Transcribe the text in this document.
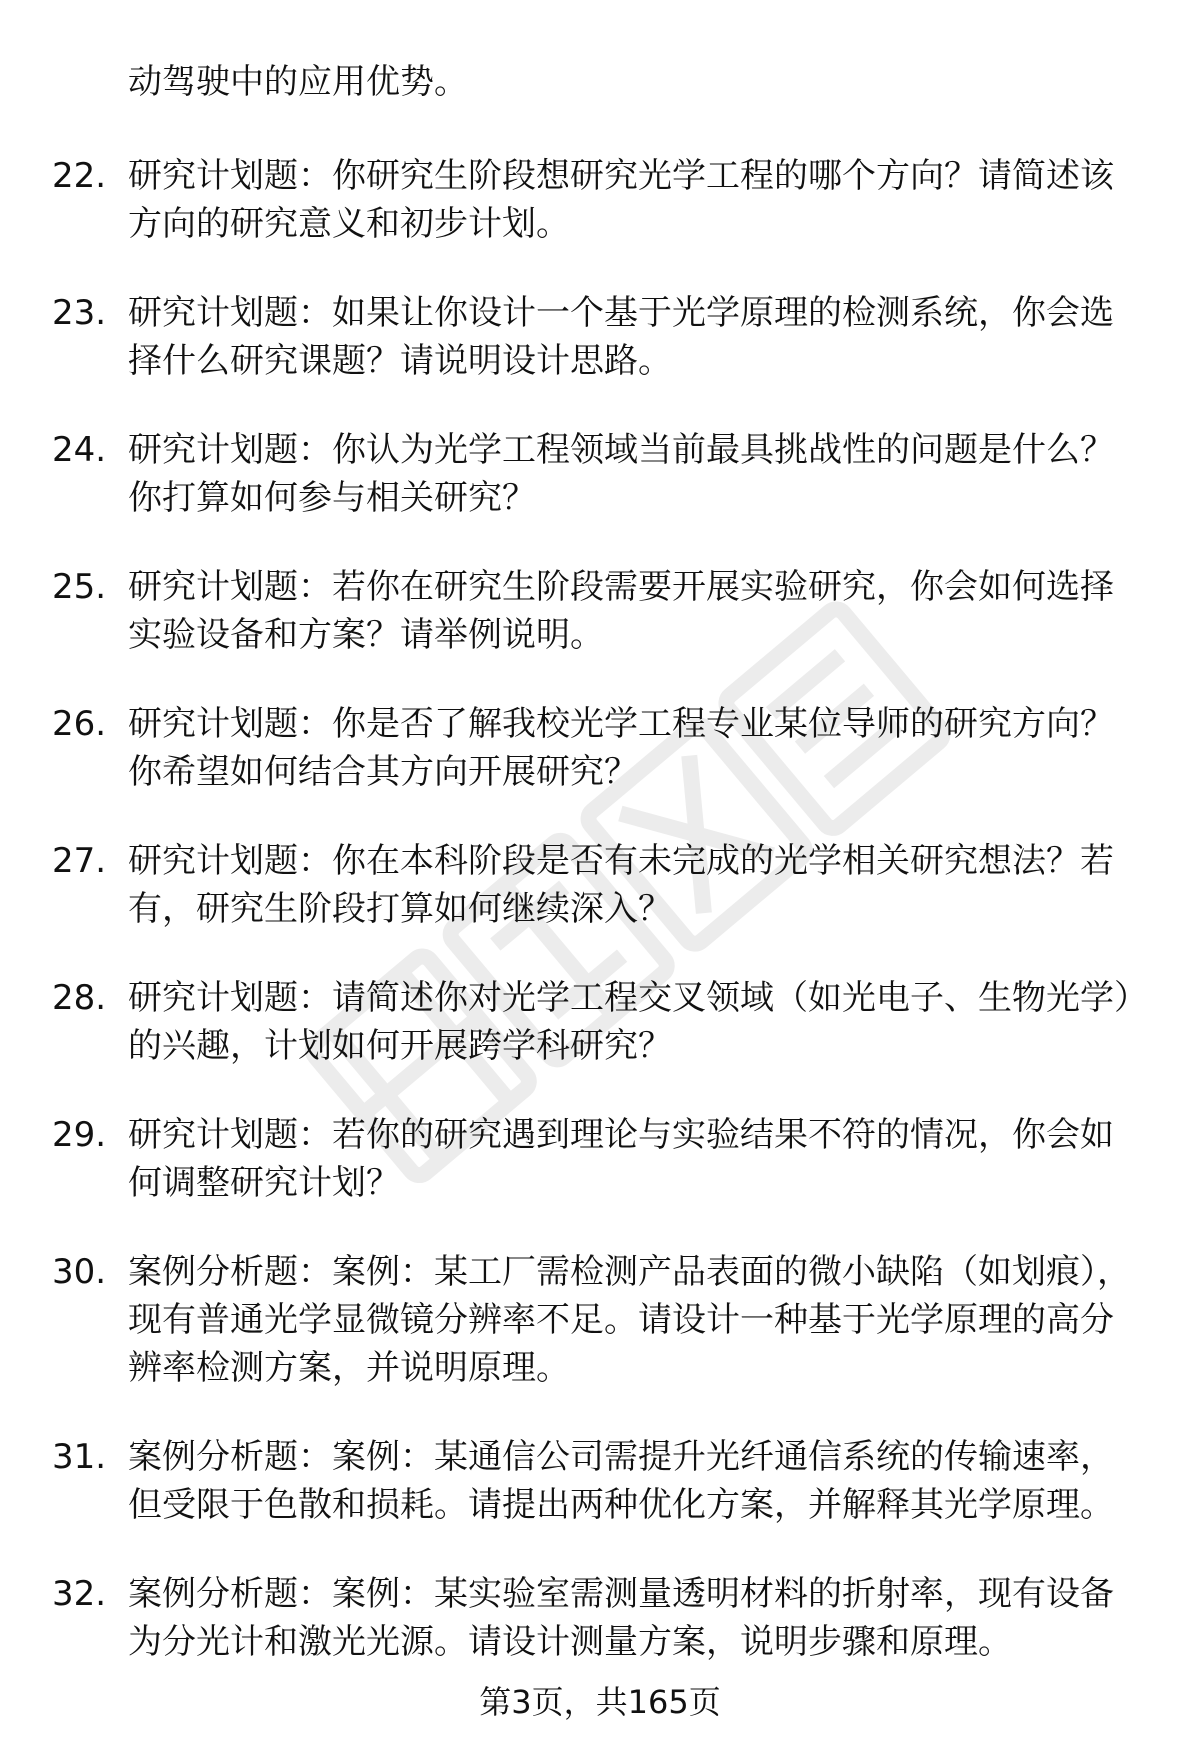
动驾驶中的应用优势。
22. 研究计划题：你研究生阶段想研究光学工程的哪个方向？请简述该方向的研究意义和初步计划。
23. 研究计划题：如果让你设计一个基于光学原理的检测系统，你会选择什么研究课题？请说明设计思路。
24. 研究计划题：你认为光学工程领域当前最具挑战性的问题是什么？你打算如何参与相关研究？
25. 研究计划题：若你在研究生阶段需要开展实验研究，你会如何选择实验设备和方案？请举例说明。
26. 研究计划题：你是否了解我校光学工程专业某位导师的研究方向？你希望如何结合其方向开展研究？
27. 研究计划题：你在本科阶段是否有未完成的光学相关研究想法？若有，研究生阶段打算如何继续深入？
28. 研究计划题：请简述你对光学工程交叉领域（如光电子、生物光学）的兴趣，计划如何开展跨学科研究？
29. 研究计划题：若你的研究遇到理论与实验结果不符的情况，你会如何调整研究计划？
30. 案例分析题：案例：某工厂需检测产品表面的微小缺陷（如划痕），现有普通光学显微镜分辨率不足。请设计一种基于光学原理的高分辨率检测方案，并说明原理。
31. 案例分析题：案例：某通信公司需提升光纤通信系统的传输速率，但受限于色散和损耗。请提出两种优化方案，并解释其光学原理。
32. 案例分析题：案例：某实验室需测量透明材料的折射率，现有设备为分光计和激光光源。请设计测量方案，说明步骤和原理。
第3页，共165页
